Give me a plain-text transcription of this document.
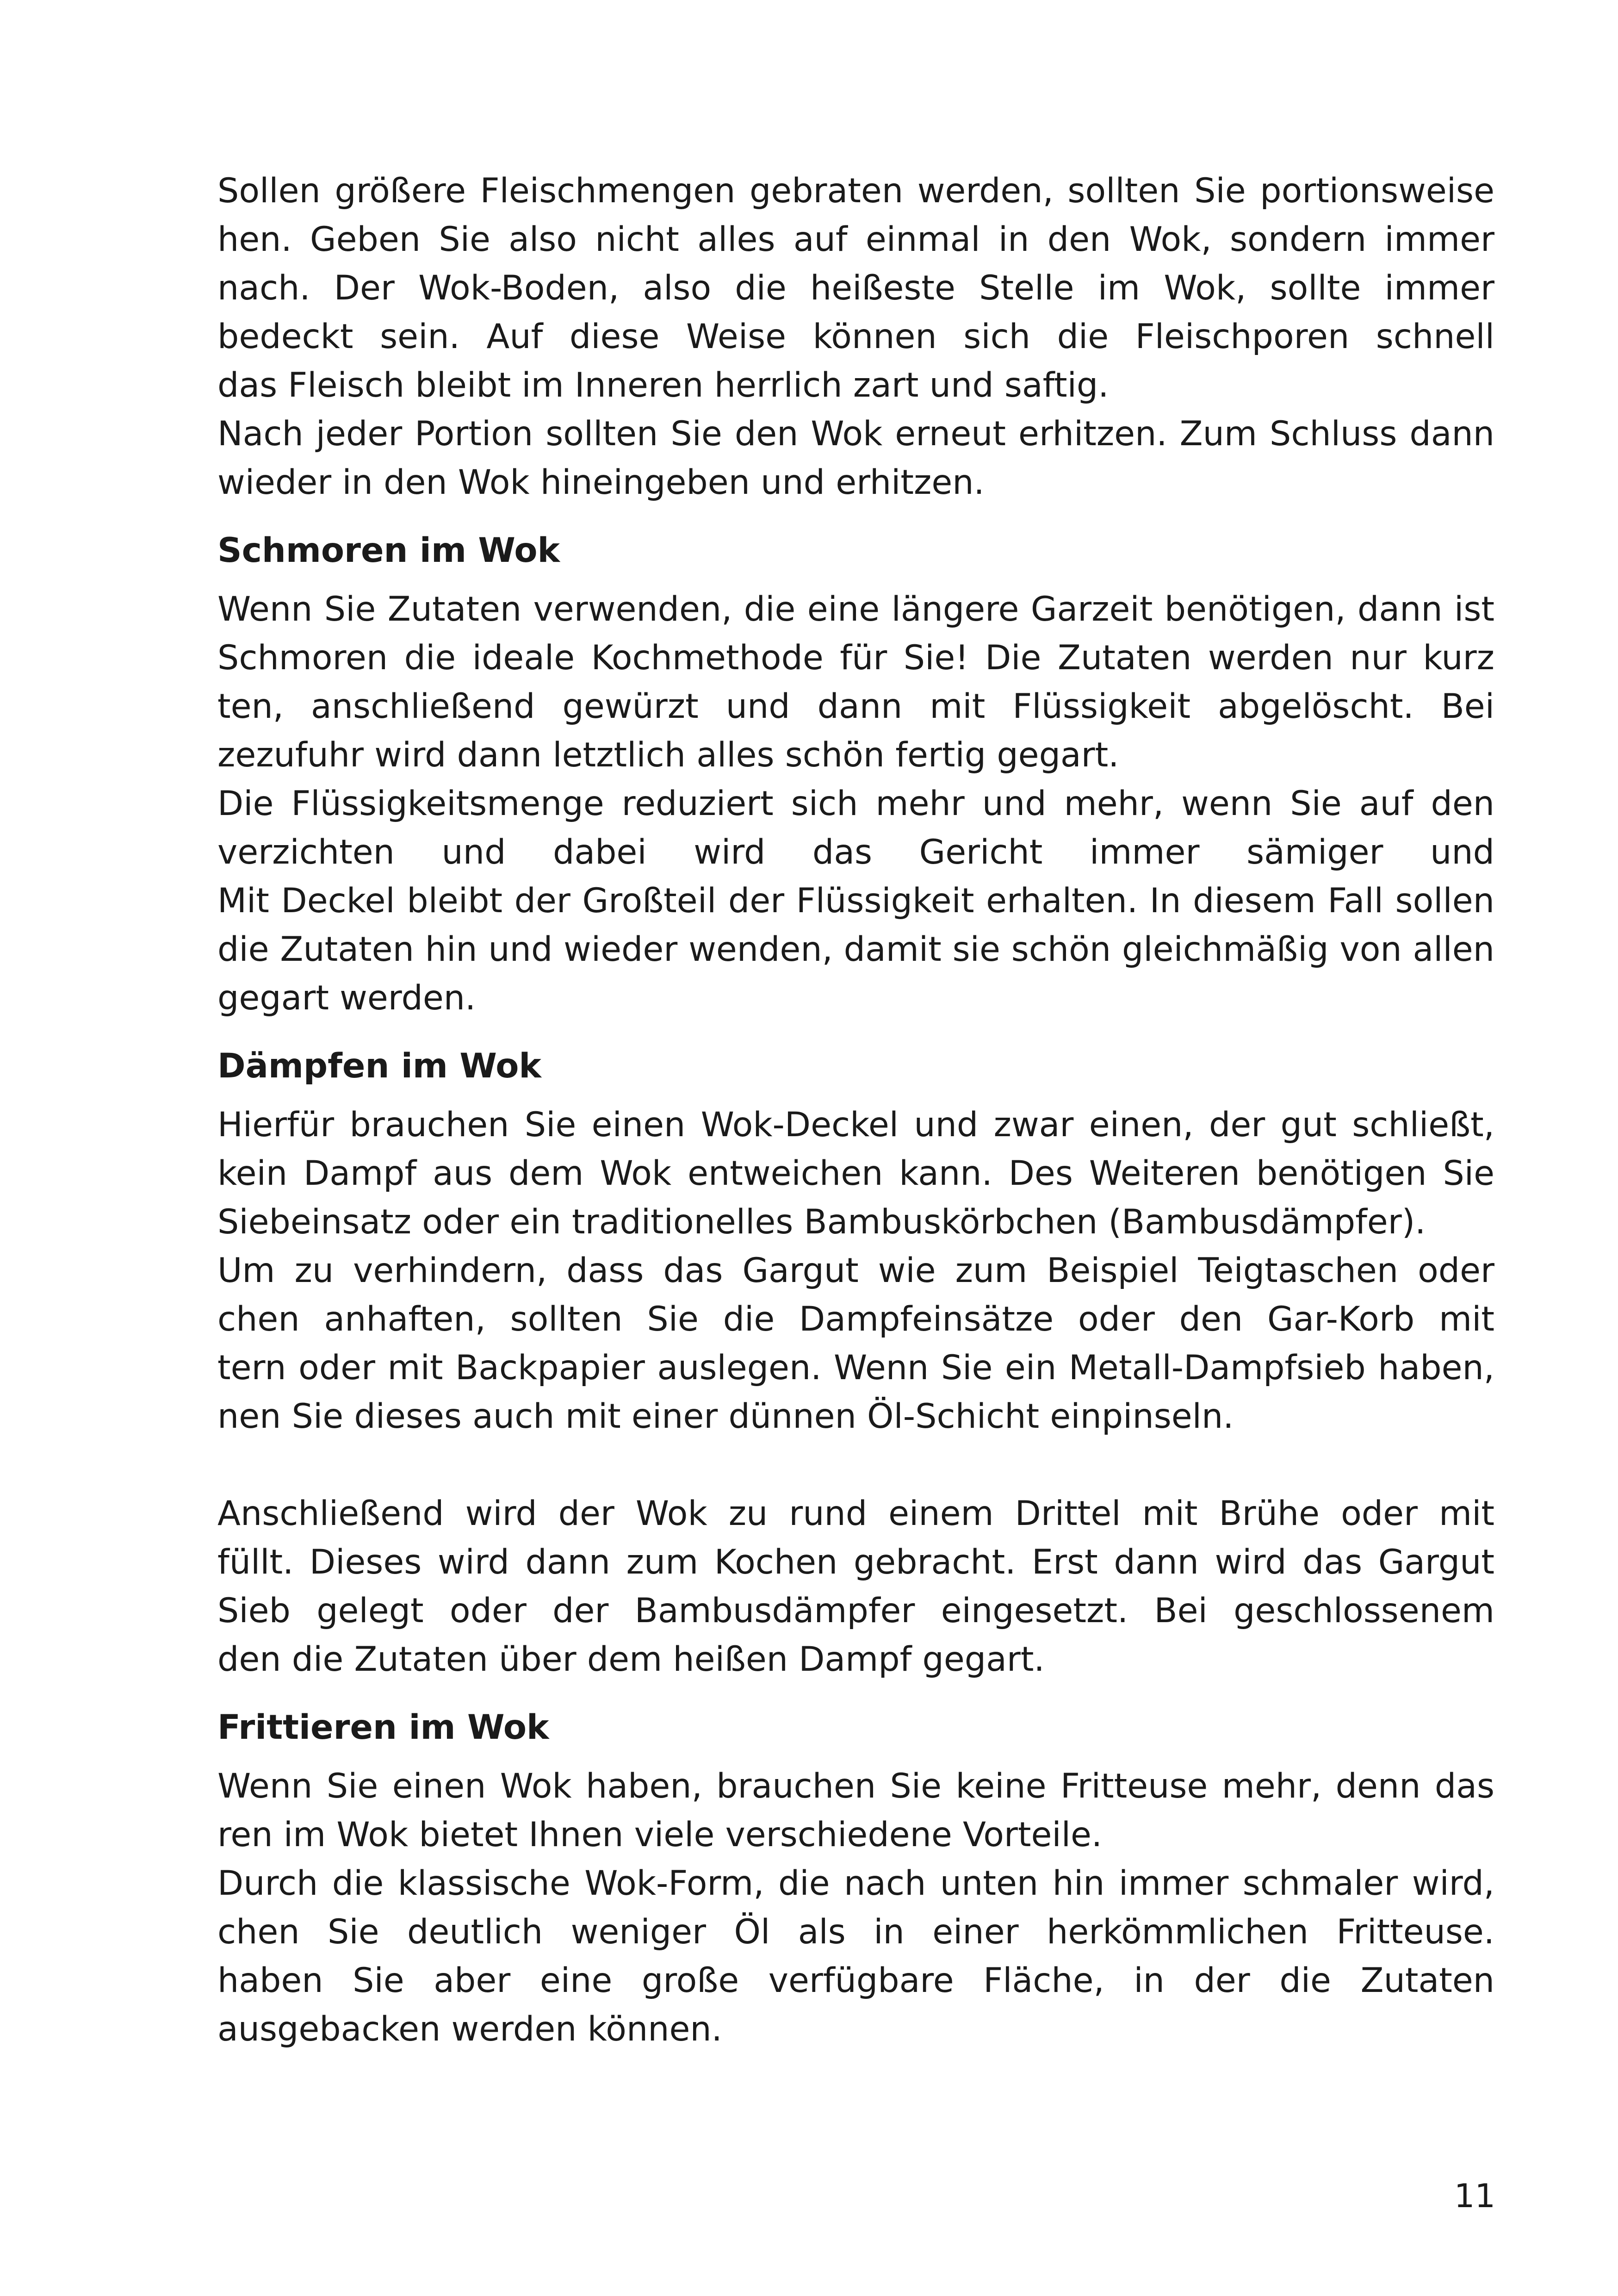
Sollen größere Fleischmengen gebraten werden, sollten Sie portionsweise

hen. Geben Sie also nicht alles auf einmal in den Wok, sondern immer

nach. Der Wok-Boden, also die heißeste Stelle im Wok, sollte immer

bedeckt sein. Auf diese Weise können sich die Fleischporen schnell

das Fleisch bleibt im Inneren herrlich zart und saftig.

Nach jeder Portion sollten Sie den Wok erneut erhitzen. Zum Schluss dann

wieder in den Wok hineingeben und erhitzen.

Schmoren im Wok

Wenn Sie Zutaten verwenden, die eine längere Garzeit benötigen, dann ist

Schmoren die ideale Kochmethode für Sie! Die Zutaten werden nur kurz

ten, anschließend gewürzt und dann mit Flüssigkeit abgelöscht. Bei

zezufuhr wird dann letztlich alles schön fertig gegart.

Die Flüssigkeitsmenge reduziert sich mehr und mehr, wenn Sie auf den

verzichten und dabei wird das Gericht immer sämiger und

Mit Deckel bleibt der Großteil der Flüssigkeit erhalten. In diesem Fall sollen

die Zutaten hin und wieder wenden, damit sie schön gleichmäßig von allen

gegart werden.

Dämpfen im Wok

Hierfür brauchen Sie einen Wok-Deckel und zwar einen, der gut schließt,

kein Dampf aus dem Wok entweichen kann. Des Weiteren benötigen Sie

Siebeinsatz oder ein traditionelles Bambuskörbchen (Bambusdämpfer).

Um zu verhindern, dass das Gargut wie zum Beispiel Teigtaschen oder

chen anhaften, sollten Sie die Dampfeinsätze oder den Gar-Korb mit

tern oder mit Backpapier auslegen. Wenn Sie ein Metall-Dampfsieb haben,

nen Sie dieses auch mit einer dünnen Öl-Schicht einpinseln.

Anschließend wird der Wok zu rund einem Drittel mit Brühe oder mit

füllt. Dieses wird dann zum Kochen gebracht. Erst dann wird das Gargut

Sieb gelegt oder der Bambusdämpfer eingesetzt. Bei geschlossenem

den die Zutaten über dem heißen Dampf gegart.

Frittieren im Wok

Wenn Sie einen Wok haben, brauchen Sie keine Fritteuse mehr, denn das

ren im Wok bietet Ihnen viele verschiedene Vorteile.

Durch die klassische Wok-Form, die nach unten hin immer schmaler wird,

chen Sie deutlich weniger Öl als in einer herkömmlichen Fritteuse.

haben Sie aber eine große verfügbare Fläche, in der die Zutaten

ausgebacken werden können.

11
